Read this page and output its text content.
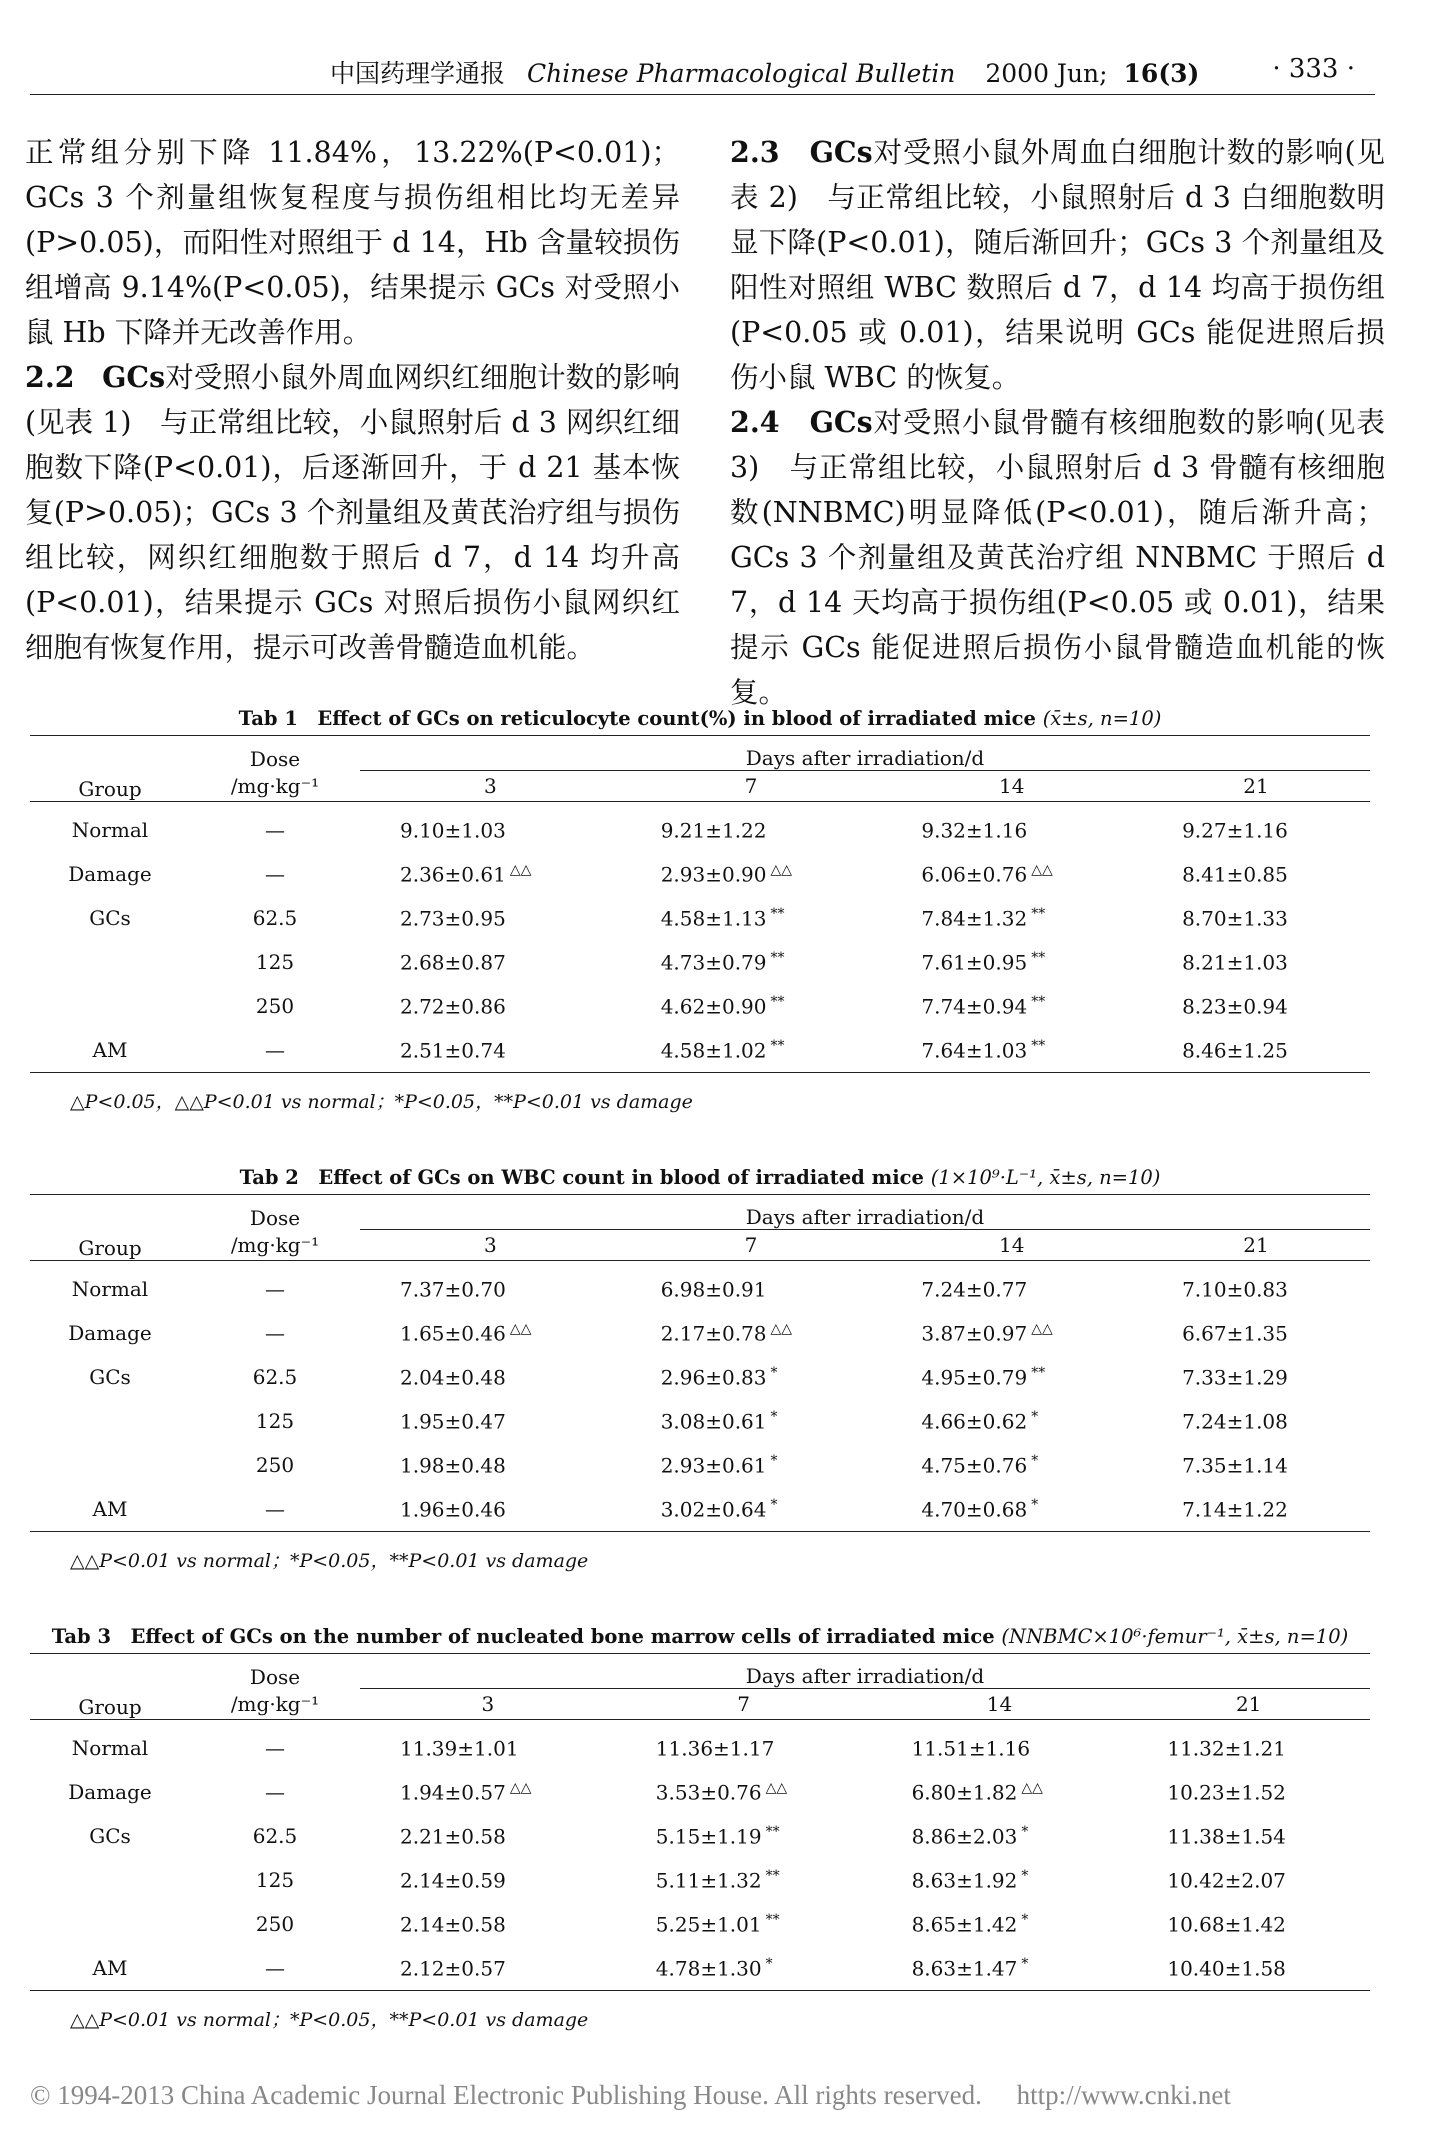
中国药理学通报 Chinese Pharmacological Bulletin 2000 Jun; 16(3)	· 333 ·

正常组分别下降 11.84%，13.22%(P<0.01)；GCs 3 个剂量组恢复程度与损伤组相比均无差异(P>0.05)，而阳性对照组于 d 14，Hb 含量较损伤组增高 9.14%(P<0.05)，结果提示 GCs 对受照小鼠 Hb 下降并无改善作用。

2.2 GCs对受照小鼠外周血网织红细胞计数的影响(见表 1)　与正常组比较，小鼠照射后 d 3 网织红细胞数下降(P<0.01)，后逐渐回升，于 d 21 基本恢复(P>0.05)；GCs 3 个剂量组及黄芪治疗组与损伤组比较，网织红细胞数于照后 d 7，d 14 均升高(P<0.01)，结果提示 GCs 对照后损伤小鼠网织红细胞有恢复作用，提示可改善骨髓造血机能。

2.3 GCs对受照小鼠外周血白细胞计数的影响(见表 2)　与正常组比较，小鼠照射后 d 3 白细胞数明显下降(P<0.01)，随后渐回升；GCs 3 个剂量组及阳性对照组 WBC 数照后 d 7，d 14 均高于损伤组(P<0.05 或 0.01)，结果说明 GCs 能促进照后损伤小鼠 WBC 的恢复。

2.4 GCs对受照小鼠骨髓有核细胞数的影响(见表 3)　与正常组比较，小鼠照射后 d 3 骨髓有核细胞数(NNBMC)明显降低(P<0.01)，随后渐升高；GCs 3 个剂量组及黄芪治疗组 NNBMC 于照后 d 7，d 14 天均高于损伤组(P<0.05 或 0.01)，结果提示 GCs 能促进照后损伤小鼠骨髓造血机能的恢复。

Tab 1　Effect of GCs on reticulocyte count(%) in blood of irradiated mice (x̄±s, n=10)
Group	Dose	Days after irradiation/d			
	/mg·kg⁻¹	3	7	14	21
Normal	—	9.10±1.03	9.21±1.22	9.32±1.16	9.27±1.16
Damage	—	2.36±0.61 △△	2.93±0.90 △△	6.06±0.76 △△	8.41±0.85
GCs	62.5	2.73±0.95	4.58±1.13 **	7.84±1.32 **	8.70±1.33
	125	2.68±0.87	4.73±0.79 **	7.61±0.95 **	8.21±1.03
	250	2.72±0.86	4.62±0.90 **	7.74±0.94 **	8.23±0.94
AM	—	2.51±0.74	4.58±1.02 **	7.64±1.03 **	8.46±1.25
△P<0.05，△△P<0.01 vs normal；*P<0.05，**P<0.01 vs damage
Tab 2　Effect of GCs on WBC count in blood of irradiated mice (1×10⁹·L⁻¹, x̄±s, n=10)
Group	Dose	Days after irradiation/d			
	/mg·kg⁻¹	3	7	14	21
Normal	—	7.37±0.70	6.98±0.91	7.24±0.77	7.10±0.83
Damage	—	1.65±0.46 △△	2.17±0.78 △△	3.87±0.97 △△	6.67±1.35
GCs	62.5	2.04±0.48	2.96±0.83 *	4.95±0.79 **	7.33±1.29
	125	1.95±0.47	3.08±0.61 *	4.66±0.62 *	7.24±1.08
	250	1.98±0.48	2.93±0.61 *	4.75±0.76 *	7.35±1.14
AM	—	1.96±0.46	3.02±0.64 *	4.70±0.68 *	7.14±1.22
△△P<0.01 vs normal；*P<0.05，**P<0.01 vs damage
Tab 3　Effect of GCs on the number of nucleated bone marrow cells of irradiated mice (NNBMC×10⁶·femur⁻¹, x̄±s, n=10)
Group	Dose	Days after irradiation/d			
	/mg·kg⁻¹	3	7	14	21
Normal	—	11.39±1.01	11.36±1.17	11.51±1.16	11.32±1.21
Damage	—	1.94±0.57 △△	3.53±0.76 △△	6.80±1.82 △△	10.23±1.52
GCs	62.5	2.21±0.58	5.15±1.19 **	8.86±2.03 *	11.38±1.54
	125	2.14±0.59	5.11±1.32 **	8.63±1.92 *	10.42±2.07
	250	2.14±0.58	5.25±1.01 **	8.65±1.42 *	10.68±1.42
AM	—	2.12±0.57	4.78±1.30 *	8.63±1.47 *	10.40±1.58
△△P<0.01 vs normal；*P<0.05，**P<0.01 vs damage
© 1994-2013 China Academic Journal Electronic Publishing House. All rights reserved. http://www.cnki.net
